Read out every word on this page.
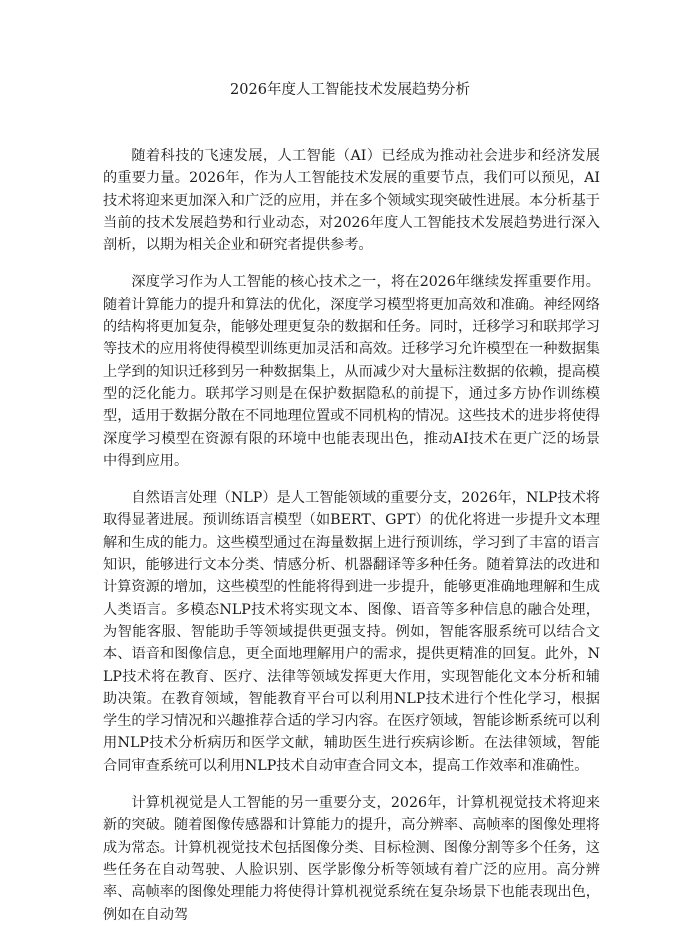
2026年度人工智能技术发展趋势分析

随着科技的飞速发展，人工智能（AI）已经成为推动社会进步和经济发展的重要力量。2026年，作为人工智能技术发展的重要节点，我们可以预见，AI技术将迎来更加深入和广泛的应用，并在多个领域实现突破性进展。本分析基于当前的技术发展趋势和行业动态，对2026年度人工智能技术发展趋势进行深入剖析，以期为相关企业和研究者提供参考。

深度学习作为人工智能的核心技术之一，将在2026年继续发挥重要作用。随着计算能力的提升和算法的优化，深度学习模型将更加高效和准确。神经网络的结构将更加复杂，能够处理更复杂的数据和任务。同时，迁移学习和联邦学习等技术的应用将使得模型训练更加灵活和高效。迁移学习允许模型在一种数据集上学到的知识迁移到另一种数据集上，从而减少对大量标注数据的依赖，提高模型的泛化能力。联邦学习则是在保护数据隐私的前提下，通过多方协作训练模型，适用于数据分散在不同地理位置或不同机构的情况。这些技术的进步将使得深度学习模型在资源有限的环境中也能表现出色，推动AI技术在更广泛的场景中得到应用。

自然语言处理（NLP）是人工智能领域的重要分支，2026年，NLP技术将取得显著进展。预训练语言模型（如BERT、GPT）的优化将进一步提升文本理解和生成的能力。这些模型通过在海量数据上进行预训练，学习到了丰富的语言知识，能够进行文本分类、情感分析、机器翻译等多种任务。随着算法的改进和计算资源的增加，这些模型的性能将得到进一步提升，能够更准确地理解和生成人类语言。多模态NLP技术将实现文本、图像、语音等多种信息的融合处理，为智能客服、智能助手等领域提供更强支持。例如，智能客服系统可以结合文本、语音和图像信息，更全面地理解用户的需求，提供更精准的回复。此外，NLP技术将在教育、医疗、法律等领域发挥更大作用，实现智能化文本分析和辅助决策。在教育领域，智能教育平台可以利用NLP技术进行个性化学习，根据学生的学习情况和兴趣推荐合适的学习内容。在医疗领域，智能诊断系统可以利用NLP技术分析病历和医学文献，辅助医生进行疾病诊断。在法律领域，智能合同审查系统可以利用NLP技术自动审查合同文本，提高工作效率和准确性。

计算机视觉是人工智能的另一重要分支，2026年，计算机视觉技术将迎来新的突破。随着图像传感器和计算能力的提升，高分辨率、高帧率的图像处理将成为常态。计算机视觉技术包括图像分类、目标检测、图像分割等多个任务，这些任务在自动驾驶、人脸识别、医学影像分析等领域有着广泛的应用。高分辨率、高帧率的图像处理能力将使得计算机视觉系统在复杂场景下也能表现出色，例如在自动驾
